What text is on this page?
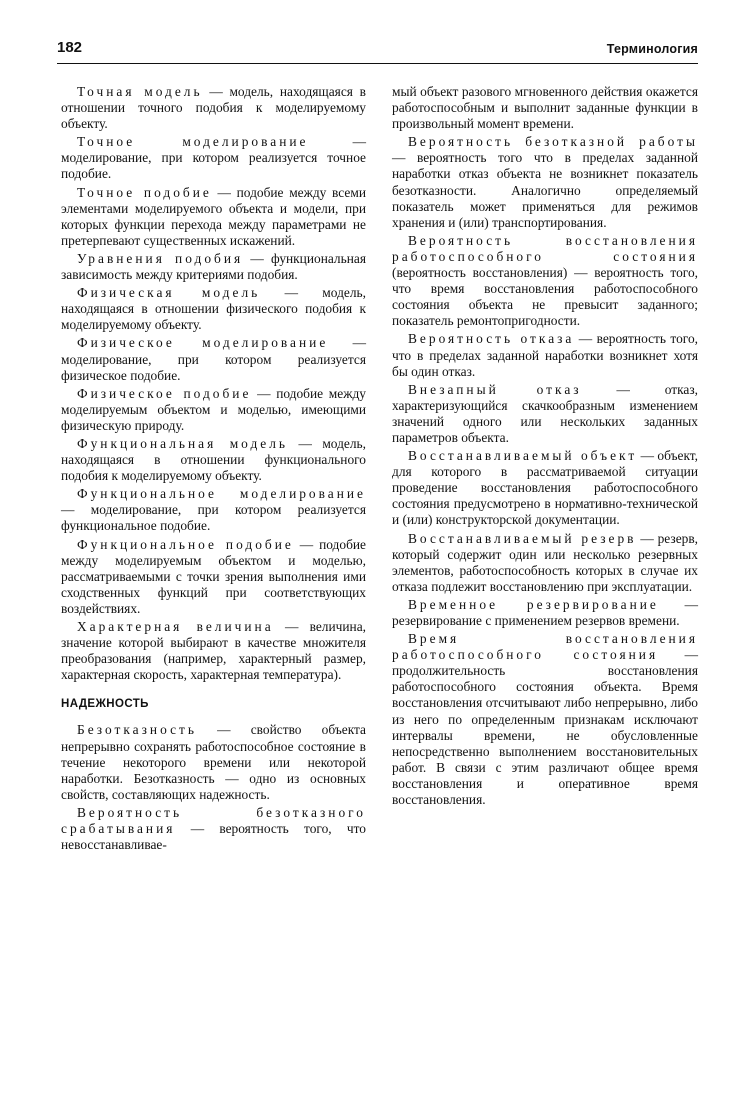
182	Терминология
Точная модель — модель, находящаяся в отношении точного подобия к моделируемому объекту.
Точное моделирование — моделирование, при котором реализуется точное подобие.
Точное подобие — подобие между всеми элементами моделируемого объекта и модели, при которых функции перехода между параметрами не претерпевают существенных искажений.
Уравнения подобия — функциональная зависимость между критериями подобия.
Физическая модель — модель, находящаяся в отношении физического подобия к моделируемому объекту.
Физическое моделирование — моделирование, при котором реализуется физическое подобие.
Физическое подобие — подобие между моделируемым объектом и моделью, имеющими физическую природу.
Функциональная модель — модель, находящаяся в отношении функционального подобия к моделируемому объекту.
Функциональное моделирование — моделирование, при котором реализуется функциональное подобие.
Функциональное подобие — подобие между моделируемым объектом и моделью, рассматриваемыми с точки зрения выполнения ими сходственных функций при соответствующих воздействиях.
Характерная величина — величина, значение которой выбирают в качестве множителя преобразования (например, характерный размер, характерная скорость, характерная температура).
НАДЕЖНОСТЬ
Безотказность — свойство объекта непрерывно сохранять работоспособное состояние в течение некоторого времени или некоторой наработки. Безотказность — одно из основных свойств, составляющих надежность.
Вероятность безотказного срабатывания — вероятность того, что невосстанавливае-
мый объект разового мгновенного действия окажется работоспособным и выполнит заданные функции в произвольный момент времени.
Вероятность безотказной работы — вероятность того что в пределах заданной наработки отказ объекта не возникнет показатель безотказности. Аналогично определяемый показатель может применяться для режимов хранения и (или) транспортирования.
Вероятность восстановления работоспособного состояния (вероятность восстановления) — вероятность того, что время восстановления работоспособного состояния объекта не превысит заданного; показатель ремонтопригодности.
Вероятность отказа — вероятность того, что в пределах заданной наработки возникнет хотя бы один отказ.
Внезапный отказ — отказ, характеризующийся скачкообразным изменением значений одного или нескольких заданных параметров объекта.
Восстанавливаемый объект — объект, для которого в рассматриваемой ситуации проведение восстановления работоспособного состояния предусмотрено в нормативно-технической и (или) конструкторской документации.
Восстанавливаемый резерв — резерв, который содержит один или несколько резервных элементов, работоспособность которых в случае их отказа подлежит восстановлению при эксплуатации.
Временное резервирование — резервирование с применением резервов времени.
Время восстановления работоспособного состояния — продолжительность восстановления работоспособного состояния объекта. Время восстановления отсчитывают либо непрерывно, либо из него по определенным признакам исключают интервалы времени, не обусловленные непосредственно выполнением восстановительных работ. В связи с этим различают общее время восстановления и оперативное время восстановления.
